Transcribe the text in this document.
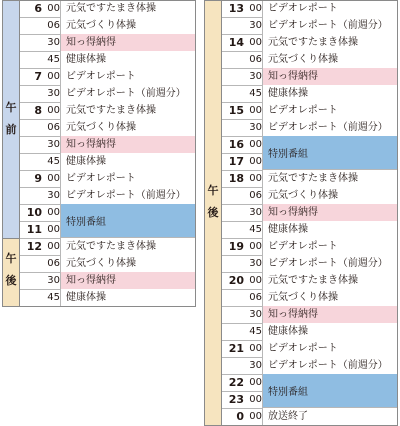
午
前
午
後
6 00 元気ですたまき体操
06 元気づくり体操
30 知っ得納得
45 健康体操
7 00 ビデオレポート
30 ビデオレポート（前週分）
8 00 元気ですたまき体操
06 元気づくり体操
30 知っ得納得
45 健康体操
9 00 ビデオレポート
30 ビデオレポート（前週分）
10 00
11 00
12 00 元気ですたまき体操
06 元気づくり体操
30 知っ得納得
45 健康体操
特別番組
午
後
13 00 ビデオレポート
30 ビデオレポート（前週分）
14 00 元気ですたまき体操
06 元気づくり体操
30 知っ得納得
45 健康体操
15 00 ビデオレポート
30 ビデオレポート（前週分）
16 00
17 00
18 00 元気ですたまき体操
06 元気づくり体操
30 知っ得納得
45 健康体操
19 00 ビデオレポート
30 ビデオレポート（前週分）
20 00 元気ですたまき体操
06 元気づくり体操
30 知っ得納得
45 健康体操
21 00 ビデオレポート
30 ビデオレポート（前週分）
22 00
23 00
0 00 放送終了
特別番組
特別番組
